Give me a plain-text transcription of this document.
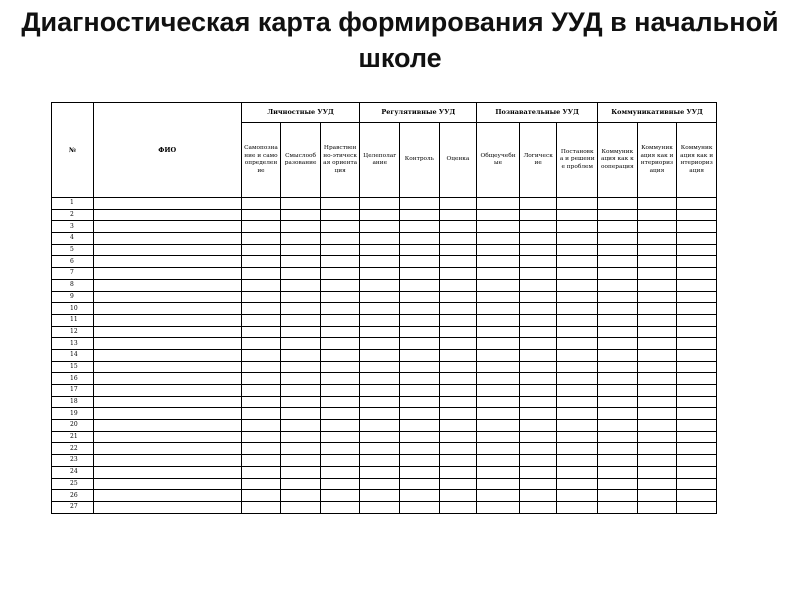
Диагностическая карта формирования УУД в начальной школе
№	ФИО	Личностные УУД			Регулятивные УУД			Познавательные УУД			Коммуникативные УУД		
		Самопознание и самоопределение	Смыслообразование	Нравственно-этическая ориентация	Целеполагание	Контроль	Оценка	Общеучебные	Логические	Постановка и решение проблем	Коммуникация как кооперация	Коммуникация как интериоризация	Коммуникация как интериоризация
1													
2													
3													
4													
5													
6													
7													
8													
9													
10													
11													
12													
13													
14													
15													
16													
17													
18													
19													
20													
21													
22													
23													
24													
25													
26													
27													
